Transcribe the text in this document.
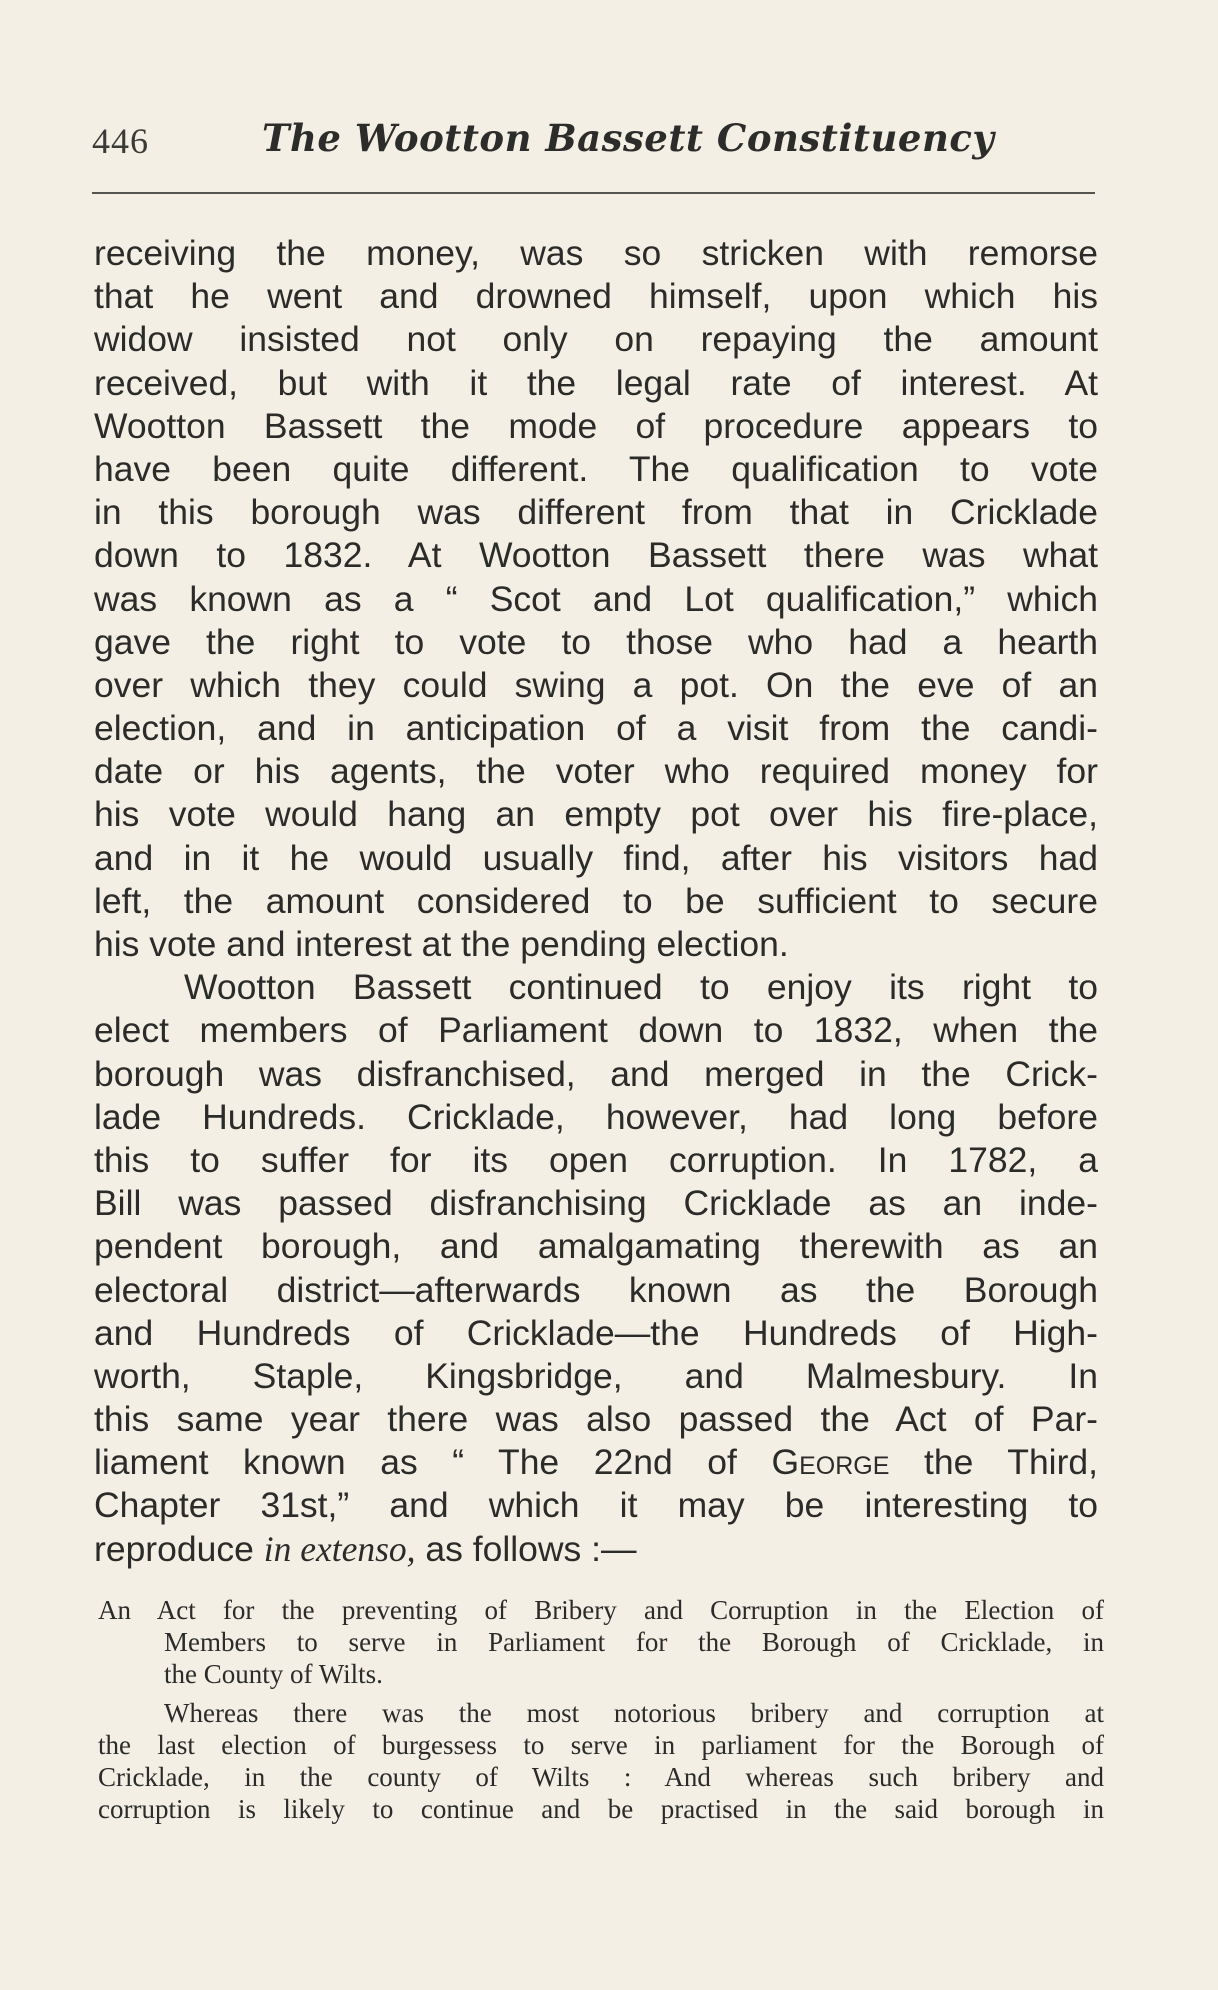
446	The Wootton Bassett Constituency
receiving the money, was so stricken with remorse
that he went and drowned himself, upon which his
widow insisted not only on repaying the amount
received, but with it the legal rate of interest. At
Wootton Bassett the mode of procedure appears to
have been quite different. The qualification to vote
in this borough was different from that in Cricklade
down to 1832. At Wootton Bassett there was what
was known as a “ Scot and Lot qualification,” which
gave the right to vote to those who had a hearth
over which they could swing a pot. On the eve of an
election, and in anticipation of a visit from the candi-
date or his agents, the voter who required money for
his vote would hang an empty pot over his fire-place,
and in it he would usually find, after his visitors had
left, the amount considered to be sufficient to secure
his vote and interest at the pending election.
Wootton Bassett continued to enjoy its right to
elect members of Parliament down to 1832, when the
borough was disfranchised, and merged in the Crick-
lade Hundreds. Cricklade, however, had long before
this to suffer for its open corruption. In 1782, a
Bill was passed disfranchising Cricklade as an inde-
pendent borough, and amalgamating therewith as an
electoral district—afterwards known as the Borough
and Hundreds of Cricklade—the Hundreds of High-
worth, Staple, Kingsbridge, and Malmesbury. In
this same year there was also passed the Act of Par-
liament known as “ The 22nd of George the Third,
Chapter 31st,” and which it may be interesting to
reproduce in extenso, as follows :—
An Act for the preventing of Bribery and Corruption in the Election of
Members to serve in Parliament for the Borough of Cricklade, in
the County of Wilts.
Whereas there was the most notorious bribery and corruption at
the last election of burgessess to serve in parliament for the Borough of
Cricklade, in the county of Wilts : And whereas such bribery and
corruption is likely to continue and be practised in the said borough in
